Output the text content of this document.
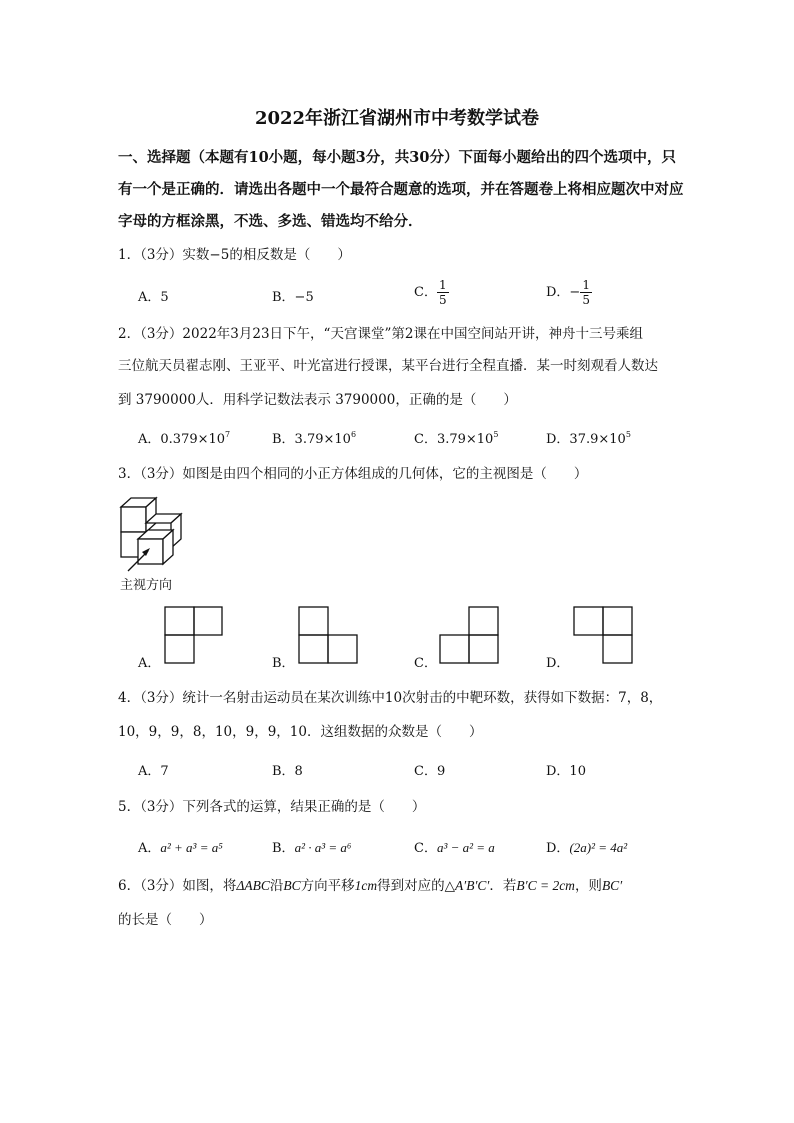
2022年浙江省湖州市中考数学试卷
一、选择题（本题有10小题，每小题3分，共30分）下面每小题给出的四个选项中，只
有一个是正确的．请选出各题中一个最符合题意的选项，并在答题卷上将相应题次中对应
字母的方框涂黑，不选、多选、错选均不给分．
1．（3分）实数−5的相反数是（　　）
A．5	B．−5	C． $\frac{1}{5}$	D．− $\frac{1}{5}$
2．（3分）2022年3月23日下午，“天宫课堂”第2课在中国空间站开讲，神舟十三号乘组
三位航天员翟志刚、王亚平、叶光富进行授课，某平台进行全程直播．某一时刻观看人数达
到 3790000人．用科学记数法表示 3790000，正确的是（　　）
A．$0.379\times 10^7$	B．$3.79\times 10^6$	C．$3.79\times 10^5$	D．$37.9\times 10^5$
3．（3分）如图是由四个相同的小正方体组成的几何体，它的主视图是（　　）
主视方向
A．	B．	C．	D．
4．（3分）统计一名射击运动员在某次训练中10次射击的中靶环数，获得如下数据：7，8，
10，9，9，8，10，9，9，10．这组数据的众数是（　　）
A．7	B．8	C．9	D．10
5．（3分）下列各式的运算，结果正确的是（　　）
A．a² + a³ = a⁵	B．a² · a³ = a⁶	C．a³ − a² = a	D．(2a)² = 4a²
6．（3分）如图，将ΔABC沿BC方向平移1cm得到对应的△A′B′C′．若B′C = 2cm，则BC′
的长是（　　）
